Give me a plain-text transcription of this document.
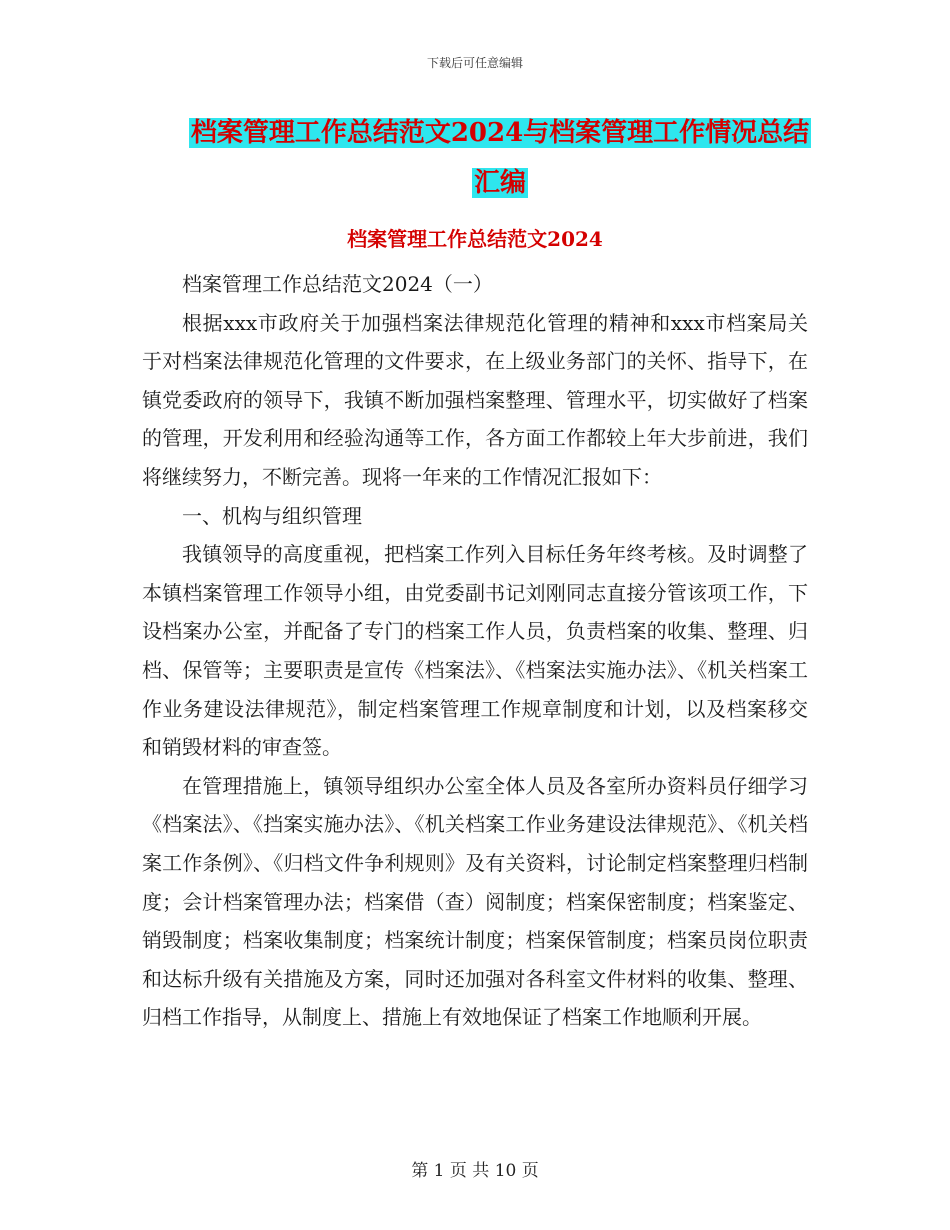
下载后可任意编辑
档案管理工作总结范文2024与档案管理工作情况总结
汇编
档案管理工作总结范文2024

档案管理工作总结范文2024（一）

根据xxx市政府关于加强档案法律规范化管理的精神和xxx市档案局关于对档案法律规范化管理的文件要求，在上级业务部门的关怀、指导下，在镇党委政府的领导下，我镇不断加强档案整理、管理水平，切实做好了档案的管理，开发利用和经验沟通等工作，各方面工作都较上年大步前进，我们将继续努力，不断完善。现将一年来的工作情况汇报如下：

一、机构与组织管理

我镇领导的高度重视，把档案工作列入目标任务年终考核。及时调整了本镇档案管理工作领导小组，由党委副书记刘刚同志直接分管该项工作，下设档案办公室，并配备了专门的档案工作人员，负责档案的收集、整理、归档、保管等；主要职责是宣传《档案法》、《档案法实施办法》、《机关档案工作业务建设法律规范》，制定档案管理工作规章制度和计划，以及档案移交和销毁材料的审查签。

在管理措施上，镇领导组织办公室全体人员及各室所办资料员仔细学习《档案法》、《挡案实施办法》、《机关档案工作业务建设法律规范》、《机关档案工作条例》、《归档文件争利规则》及有关资料，讨论制定档案整理归档制度；会计档案管理办法；档案借（查）阅制度；档案保密制度；档案鉴定、销毁制度；档案收集制度；档案统计制度；档案保管制度；档案员岗位职责和达标升级有关措施及方案，同时还加强对各科室文件材料的收集、整理、归档工作指导，从制度上、措施上有效地保证了档案工作地顺利开展。

第 1 页 共 10 页
